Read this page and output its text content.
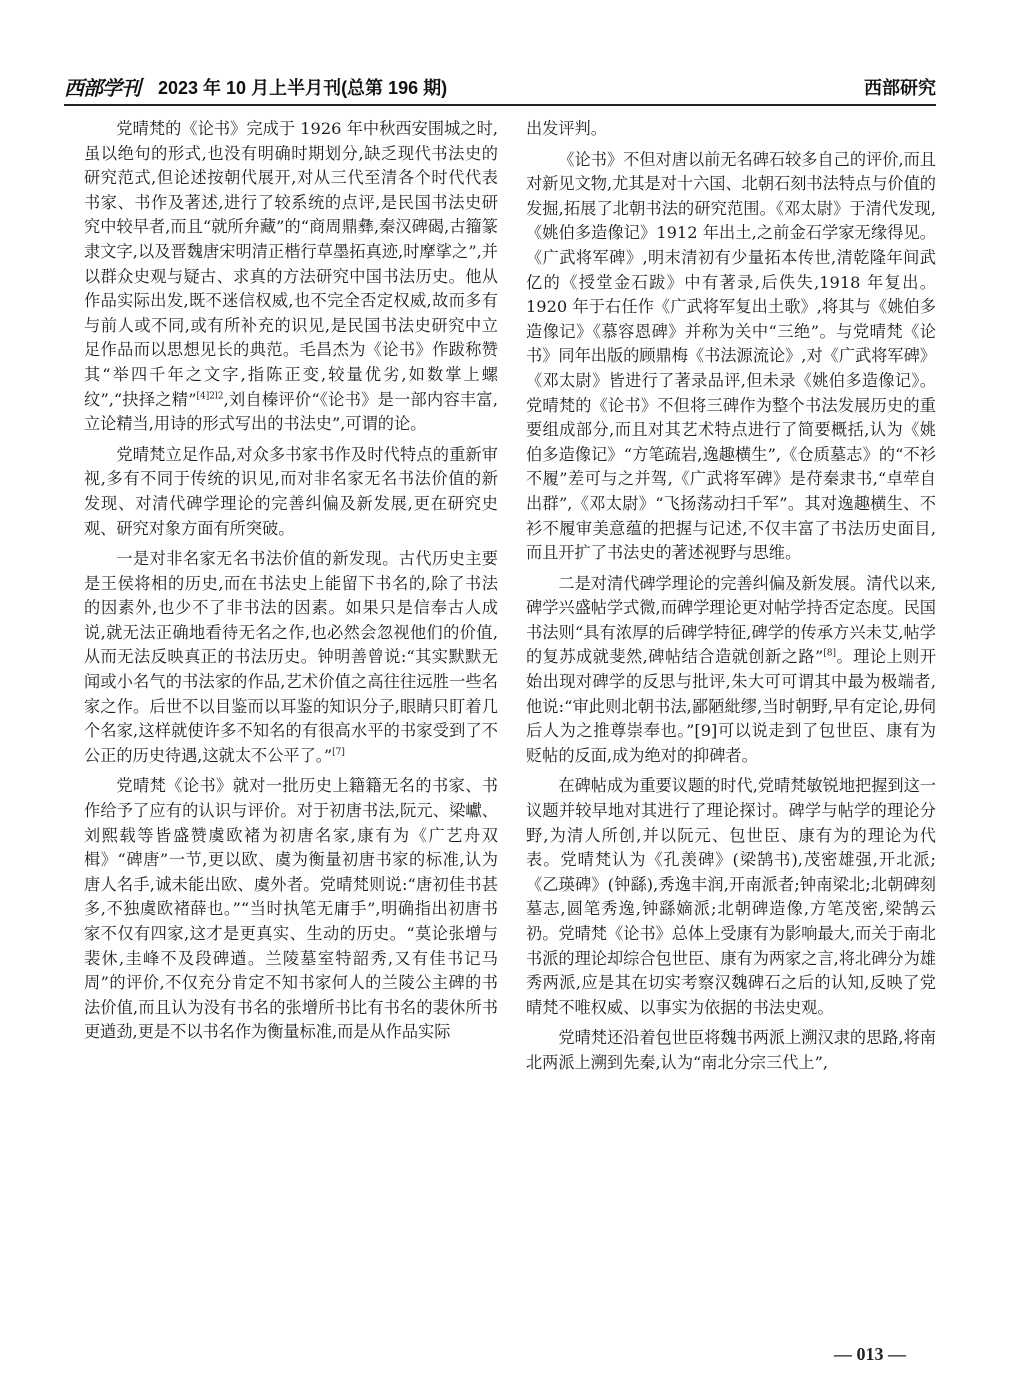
西部学刊 2023 年 10 月上半月刊(总第 196 期)	西部研究

党晴梵的《论书》完成于 1926 年中秋西安围城之时,虽以绝句的形式,也没有明确时期划分,缺乏现代书法史的研究范式,但论述按朝代展开,对从三代至清各个时代代表书家、书作及著述,进行了较系统的点评,是民国书法史研究中较早者,而且“就所弁藏”的“商周鼎彝,秦汉碑碣,古籀篆隶文字,以及晋魏唐宋明清正楷行草墨拓真迹,时摩挲之”,并以群众史观与疑古、求真的方法研究中国书法历史。他从作品实际出发,既不迷信权威,也不完全否定权威,故而多有与前人或不同,或有所补充的识见,是民国书法史研究中立足作品而以思想见长的典范。毛昌杰为《论书》作跋称赞其“举四千年之文字,指陈正变,较量优劣,如数掌上螺纹”,“抉择之精”$^{[4]2l2}$,刘自榛评价“《论书》是一部内容丰富,立论精当,用诗的形式写出的书法史”,可谓的论。

党晴梵立足作品,对众多书家书作及时代特点的重新审视,多有不同于传统的识见,而对非名家无名书法价值的新发现、对清代碑学理论的完善纠偏及新发展,更在研究史观、研究对象方面有所突破。

一是对非名家无名书法价值的新发现。古代历史主要是王侯将相的历史,而在书法史上能留下书名的,除了书法的因素外,也少不了非书法的因素。如果只是信奉古人成说,就无法正确地看待无名之作,也必然会忽视他们的价值,从而无法反映真正的书法历史。钟明善曾说:“其实默默无闻或小名气的书法家的作品,艺术价值之高往往远胜一些名家之作。后世不以目鉴而以耳鉴的知识分子,眼睛只盯着几个名家,这样就使许多不知名的有很高水平的书家受到了不公正的历史待遇,这就太不公平了。”[7]

党晴梵《论书》就对一批历史上籍籍无名的书家、书作给予了应有的认识与评价。对于初唐书法,阮元、梁巘、刘熙载等皆盛赞虞欧褚为初唐名家,康有为《广艺舟双楫》“碑唐”一节,更以欧、虞为衡量初唐书家的标准,认为唐人名手,诚未能出欧、虞外者。党晴梵则说:“唐初佳书甚多,不独虞欧褚薛也。”“当时执笔无庸手”,明确指出初唐书家不仅有四家,这才是更真实、生动的历史。“莫论张增与裴休,圭峰不及段碑遒。兰陵墓室特韶秀,又有佳书记马周”的评价,不仅充分肯定不知书家何人的兰陵公主碑的书法价值,而且认为没有书名的张增所书比有书名的裴休所书更遒劲,更是不以书名作为衡量标准,而是从作品实际

出发评判。

《论书》不但对唐以前无名碑石较多自己的评价,而且对新见文物,尤其是对十六国、北朝石刻书法特点与价值的发掘,拓展了北朝书法的研究范围。《邓太尉》于清代发现,《姚伯多造像记》1912 年出土,之前金石学家无缘得见。《广武将军碑》,明末清初有少量拓本传世,清乾隆年间武亿的《授堂金石跋》中有著录,后佚失,1918 年复出。1920 年于右任作《广武将军复出土歌》,将其与《姚伯多造像记》《慕容恩碑》并称为关中“三绝”。与党晴梵《论书》同年出版的顾鼎梅《书法源流论》,对《广武将军碑》《邓太尉》皆进行了著录品评,但未录《姚伯多造像记》。党晴梵的《论书》不但将三碑作为整个书法发展历史的重要组成部分,而且对其艺术特点进行了简要概括,认为《姚伯多造像记》“方笔疏岩,逸趣横生”,《仓质墓志》的“不衫不履”差可与之并驾,《广武将军碑》是苻秦隶书,“卓荦自出群”,《邓太尉》“飞扬荡动扫千军”。其对逸趣横生、不衫不履审美意蕴的把握与记述,不仅丰富了书法历史面目,而且开扩了书法史的著述视野与思维。

二是对清代碑学理论的完善纠偏及新发展。清代以来,碑学兴盛帖学式微,而碑学理论更对帖学持否定态度。民国书法则“具有浓厚的后碑学特征,碑学的传承方兴未艾,帖学的复苏成就斐然,碑帖结合造就创新之路”[8]。理论上则开始出现对碑学的反思与批评,朱大可可谓其中最为极端者,他说:“审此则北朝书法,鄙陋紕缪,当时朝野,早有定论,毋伺后人为之推尊崇奉也。”[9]可以说走到了包世臣、康有为贬帖的反面,成为绝对的抑碑者。

在碑帖成为重要议题的时代,党晴梵敏锐地把握到这一议题并较早地对其进行了理论探讨。碑学与帖学的理论分野,为清人所创,并以阮元、包世臣、康有为的理论为代表。党晴梵认为《孔羡碑》(梁鹄书),茂密雄强,开北派;《乙瑛碑》(钟繇),秀逸丰润,开南派者;钟南梁北;北朝碑刻墓志,圆笔秀逸,钟繇嫡派;北朝碑造像,方笔茂密,梁鹄云礽。党晴梵《论书》总体上受康有为影响最大,而关于南北书派的理论却综合包世臣、康有为两家之言,将北碑分为雄秀两派,应是其在切实考察汉魏碑石之后的认知,反映了党晴梵不唯权威、以事实为依据的书法史观。

党晴梵还沿着包世臣将魏书两派上溯汉隶的思路,将南北两派上溯到先秦,认为“南北分宗三代上”,

— 013 —
